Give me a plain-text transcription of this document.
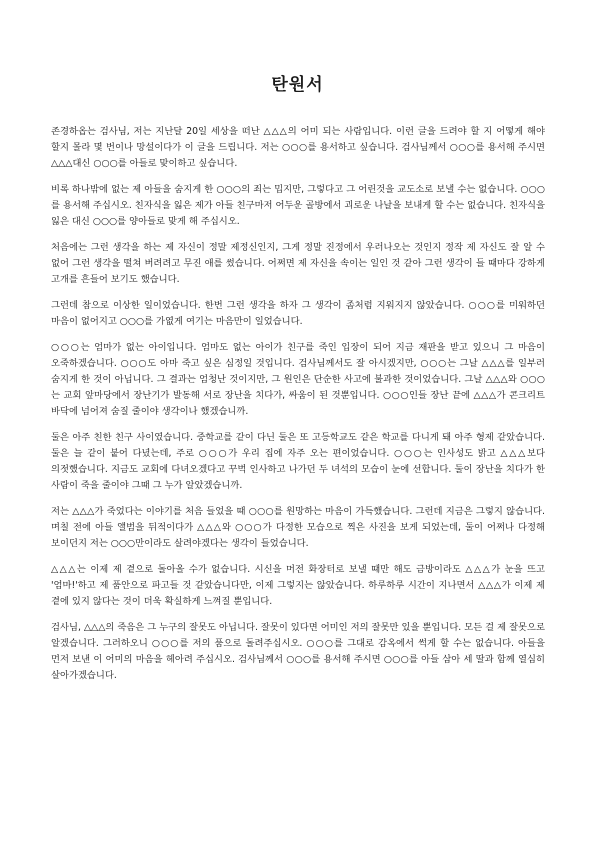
탄원서

존경하옵는 검사님, 저는 지난달 20일 세상을 떠난 △△△의 어미 되는 사람입니다. 이런 글을 드려야 할 지 어떻게 해야 할지 몰라 몇 번이나 망설이다가 이 글을 드립니다. 저는 ○○○를 용서하고 싶습니다. 검사님께서 ○○○를 용서해 주시면 △△△대신 ○○○를 아들로 맞이하고 싶습니다.

비록 하나밖에 없는 제 아들을 숨지게 한 ○○○의 죄는 밉지만, 그렇다고 그 어린것을 교도소로 보낼 수는 없습니다. ○○○를 용서해 주십시오. 친자식을 잃은 제가 아들 친구마저 어두운 골방에서 괴로운 나날을 보내게 할 수는 없습니다. 친자식을 잃은 대신 ○○○를 양아들로 맞게 해 주십시오.

처음에는 그런 생각을 하는 제 자신이 정말 제정신인지, 그게 정말 진정에서 우러나오는 것인지 정작 제 자신도 잘 알 수 없어 그런 생각을 떨쳐 버려려고 무진 애를 썼습니다. 어쩌면 제 자신을 속이는 일인 것 같아 그런 생각이 들 때마다 강하게 고개를 흔들어 보기도 했습니다.

그런데 참으로 이상한 일이었습니다. 한번 그런 생각을 하자 그 생각이 좀처럼 지워지지 않았습니다. ○○○를 미워하던 마음이 없어지고 ○○○를 가엾게 여기는 마음만이 일었습니다.

○○○는 엄마가 없는 아이입니다. 엄마도 없는 아이가 친구를 죽인 입장이 되어 지금 재판을 받고 있으니 그 마음이 오죽하겠습니다. ○○○도 아마 죽고 싶은 심정일 것입니다. 검사님께서도 잘 아시겠지만, ○○○는 그날 △△△를 일부러 숨지게 한 것이 아닙니다. 그 결과는 엄청난 것이지만, 그 원인은 단순한 사고에 불과한 것이었습니다. 그날 △△△와 ○○○는 교회 앞마당에서 장난기가 발동해 서로 장난을 치다가, 싸움이 된 것뿐입니다. ○○○인들 장난 끝에 △△△가 콘크리트 바닥에 넘어져 숨질 줄이야 생각이나 했겠습니까.

둘은 아주 친한 친구 사이였습니다. 중학교를 같이 다닌 둘은 또 고등학교도 같은 학교를 다니게 돼 아주 형제 같았습니다. 둘은 늘 같이 붙어 다녔는데, 주로 ○○○가 우리 집에 자주 오는 편이었습니다. ○○○는 인사성도 밝고 △△△보다 의젓했습니다. 지금도 교회에 다녀오겠다고 꾸벅 인사하고 나가던 두 녀석의 모습이 눈에 선합니다. 둘이 장난을 치다가 한 사람이 죽을 줄이야 그때 그 누가 알았겠습니까.

저는 △△△가 죽었다는 이야기를 처음 들었을 때 ○○○를 원망하는 마음이 가득했습니다. 그런데 지금은 그렇지 않습니다. 며칠 전에 아들 앨범을 뒤적이다가 △△△와 ○○○가 다정한 모습으로 찍은 사진을 보게 되었는데, 둘이 어쩌나 다정해 보이던지 저는 ○○○만이라도 살려야겠다는 생각이 들었습니다.

△△△는 이제 제 곁으로 돌아올 수가 없습니다. 시신을 머전 화장터로 보낼 때만 해도 금방이라도 △△△가 눈을 뜨고 '엄마!'하고 제 품안으로 파고들 것 같았습니다만, 이제 그렇지는 않았습니다. 하루하루 시간이 지나면서 △△△가 이제 제 곁에 있지 않다는 것이 더욱 확실하게 느껴질 뿐입니다.

검사님, △△△의 죽음은 그 누구의 잘못도 아닙니다. 잘못이 있다면 어미인 저의 잘못만 있을 뿐입니다. 모든 걸 제 잘못으로 알겠습니다. 그러하오니 ○○○를 저의 품으로 돌려주십시오. ○○○를 그대로 감옥에서 썩게 할 수는 없습니다. 아들을 먼저 보낸 이 어미의 마음을 헤아려 주십시오. 검사님께서 ○○○를 용서해 주시면 ○○○를 아들 삼아 세 딸과 함께 열심히 살아가겠습니다.
